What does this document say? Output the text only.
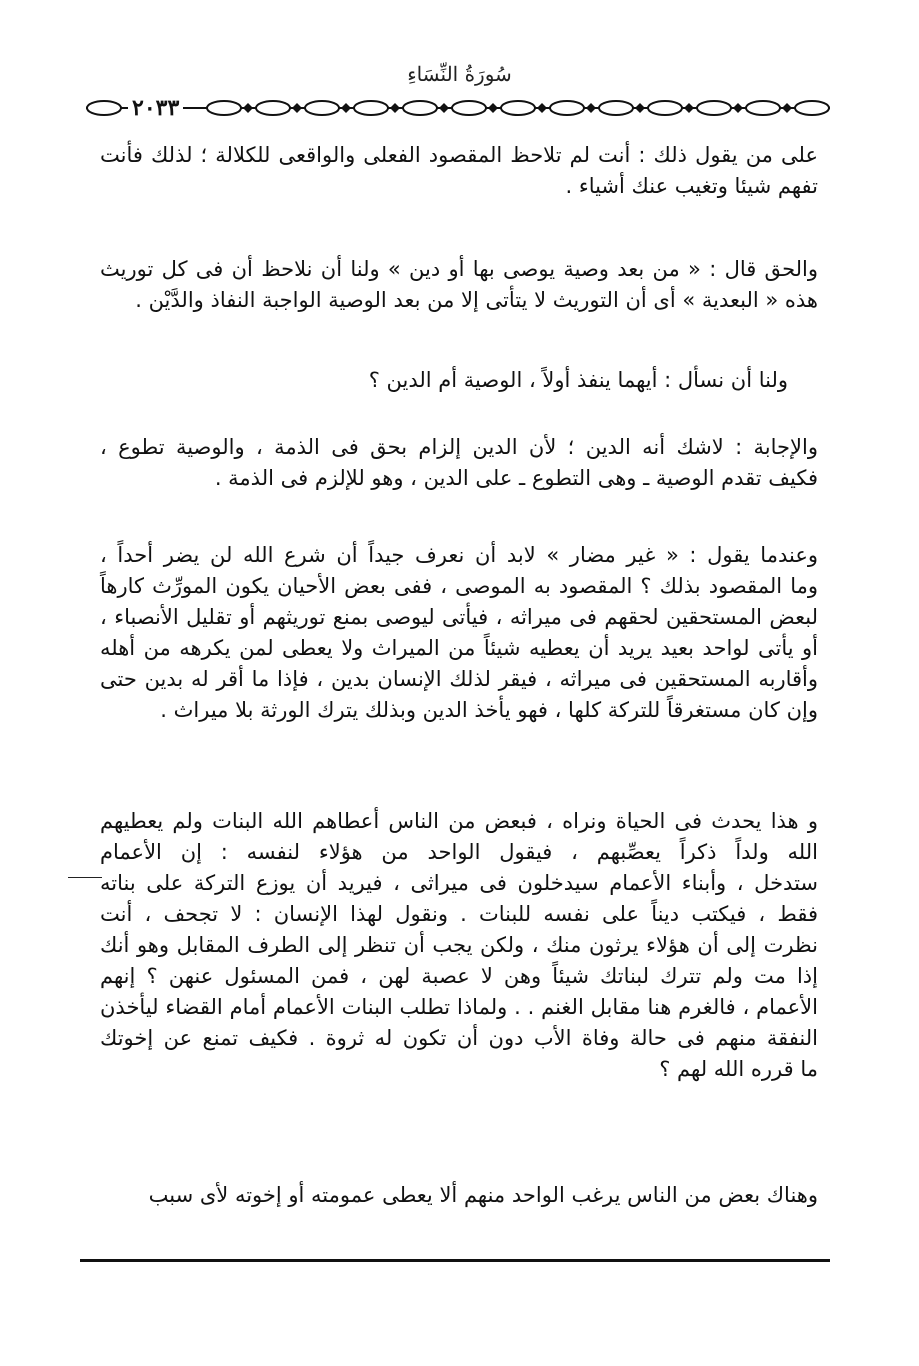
سُورَةُ النِّسَاءِ
٢٠٣٣
على من يقول ذلك : أنت لم تلاحظ المقصود الفعلى والواقعى للكلالة ؛ لذلك فأنت
تفهم شيئا وتغيب عنك أشياء .
والحق قال : « من بعد وصية يوصى بها أو دين » ولنا أن نلاحظ أن فى كل توريث
هذه « البعدية » أى أن التوريث لا يتأتى إلا من بعد الوصية الواجبة النفاذ والدَّيْن .
ولنا أن نسأل : أيهما ينفذ أولاً ، الوصية أم الدين ؟
والإجابة : لاشك أنه الدين ؛ لأن الدين إلزام بحق فى الذمة ، والوصية تطوع ،
فكيف تقدم الوصية ـ وهى التطوع ـ على الدين ، وهو للإلزم فى الذمة .
وعندما يقول : « غير مضار » لابد أن نعرف جيداً أن شرع الله لن يضر أحداً ،
وما المقصود بذلك ؟ المقصود به الموصى ، ففى بعض الأحيان يكون المورِّث كارهاً
لبعض المستحقين لحقهم فى ميراثه ، فيأتى ليوصى بمنع توريثهم أو تقليل الأنصباء ،
أو يأتى لواحد بعيد يريد أن يعطيه شيئاً من الميراث ولا يعطى لمن يكرهه من أهله
وأقاربه المستحقين فى ميراثه ، فيقر لذلك الإنسان بدين ، فإذا ما أقر له بدين حتى
وإن كان مستغرقاً للتركة كلها ، فهو يأخذ الدين وبذلك يترك الورثة بلا ميراث .
و هذا يحدث فى الحياة ونراه ، فبعض من الناس أعطاهم الله البنات ولم يعطيهم
الله ولداً ذكراً يعصِّبهم ، فيقول الواحد من هؤلاء لنفسه : إن الأعمام
ستدخل ، وأبناء الأعمام سيدخلون فى ميراثى ، فيريد أن يوزع التركة على بناته
فقط ، فيكتب ديناً على نفسه للبنات . ونقول لهذا الإنسان : لا تجحف ، أنت
نظرت إلى أن هؤلاء يرثون منك ، ولكن يجب أن تنظر إلى الطرف المقابل وهو أنك
إذا مت ولم تترك لبناتك شيئاً وهن لا عصبة لهن ، فمن المسئول عنهن ؟ إنهم
الأعمام ، فالغرم هنا مقابل الغنم . . ولماذا تطلب البنات الأعمام أمام القضاء ليأخذن
النفقة منهم فى حالة وفاة الأب دون أن تكون له ثروة . فكيف تمنع عن إخوتك
ما قرره الله لهم ؟
وهناك بعض من الناس يرغب الواحد منهم ألا يعطى عمومته أو إخوته لأى سبب
